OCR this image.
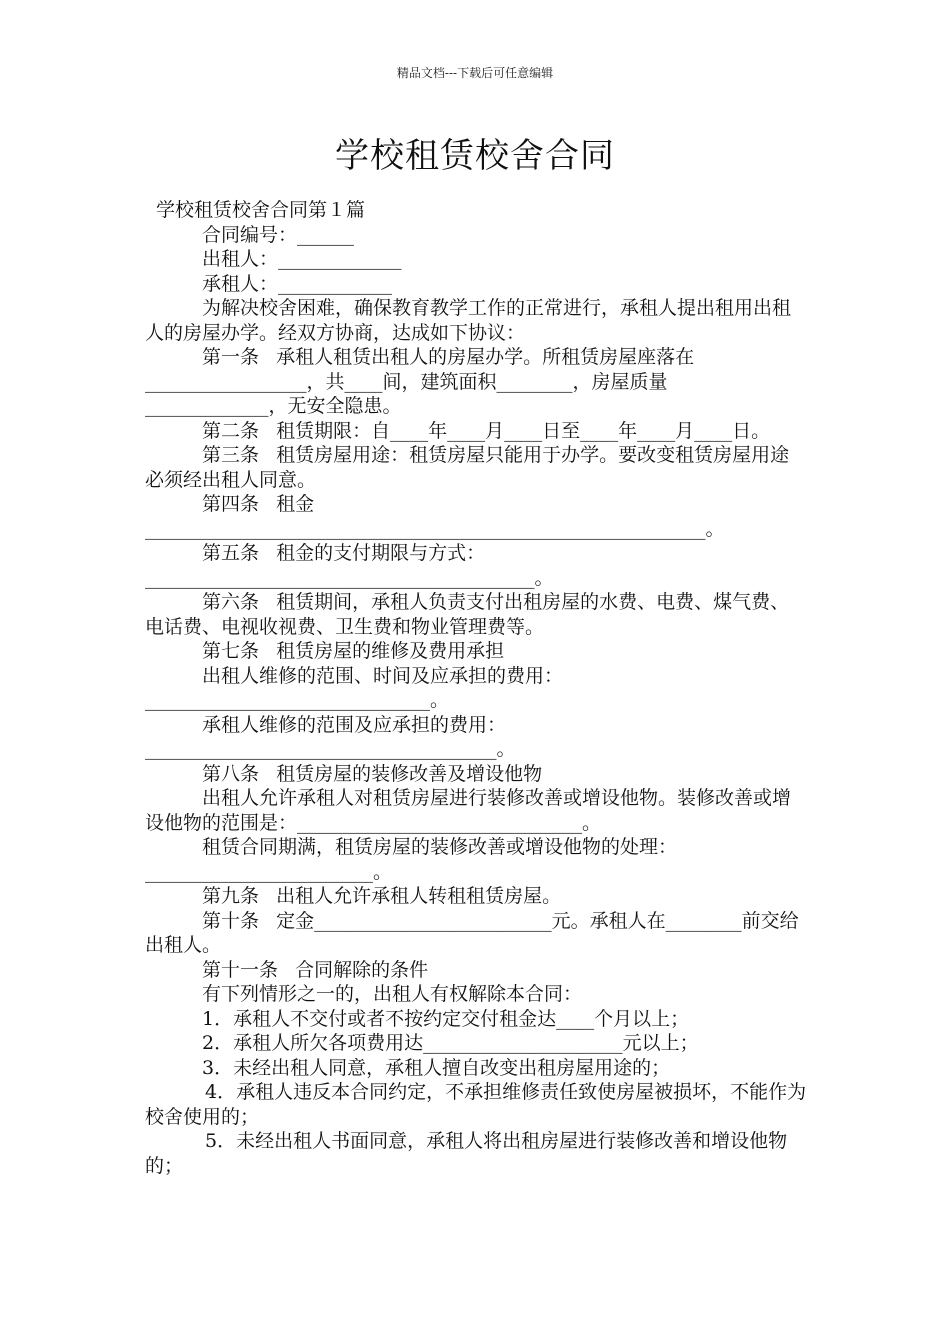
精品文档---下载后可任意编辑
学校租赁校舍合同

学校租赁校舍合同第１篇

合同编号：______

出租人：_____________

承租人：____________

为解决校舍困难，确保教育教学工作的正常进行，承租人提出租用出租人的房屋办学。经双方协商，达成如下协议：

第一条 承租人租赁出租人的房屋办学。所租赁房屋座落在_________________，共____间，建筑面积________，房屋质量_____________，无安全隐患。

第二条 租赁期限：自____年____月____日至____年____月____日。

第三条 租赁房屋用途：租赁房屋只能用于办学。要改变租赁房屋用途必须经出租人同意。

第四条 租金___________________________________________________________。

第五条 租金的支付期限与方式：_________________________________________。

第六条 租赁期间，承租人负责支付出租房屋的水费、电费、煤气费、电话费、电视收视费、卫生费和物业管理费等。

第七条 租赁房屋的维修及费用承担

出租人维修的范围、时间及应承担的费用：______________________________。

承租人维修的范围及应承担的费用：_____________________________________。

第八条 租赁房屋的装修改善及增设他物

出租人允许承租人对租赁房屋进行装修改善或增设他物。装修改善或增设他物的范围是：______________________________。

租赁合同期满，租赁房屋的装修改善或增设他物的处理：________________________。

第九条 出租人允许承租人转租租赁房屋。

第十条 定金_________________________元。承租人在________前交给出租人。

第十一条 合同解除的条件

有下列情形之一的，出租人有权解除本合同：

1．承租人不交付或者不按约定交付租金达____个月以上；

2．承租人所欠各项费用达_____________________元以上；

3．未经出租人同意，承租人擅自改变出租房屋用途的；

4．承租人违反本合同约定，不承担维修责任致使房屋被损坏，不能作为校舍使用的；

5．未经出租人书面同意，承租人将出租房屋进行装修改善和增设他物的；
